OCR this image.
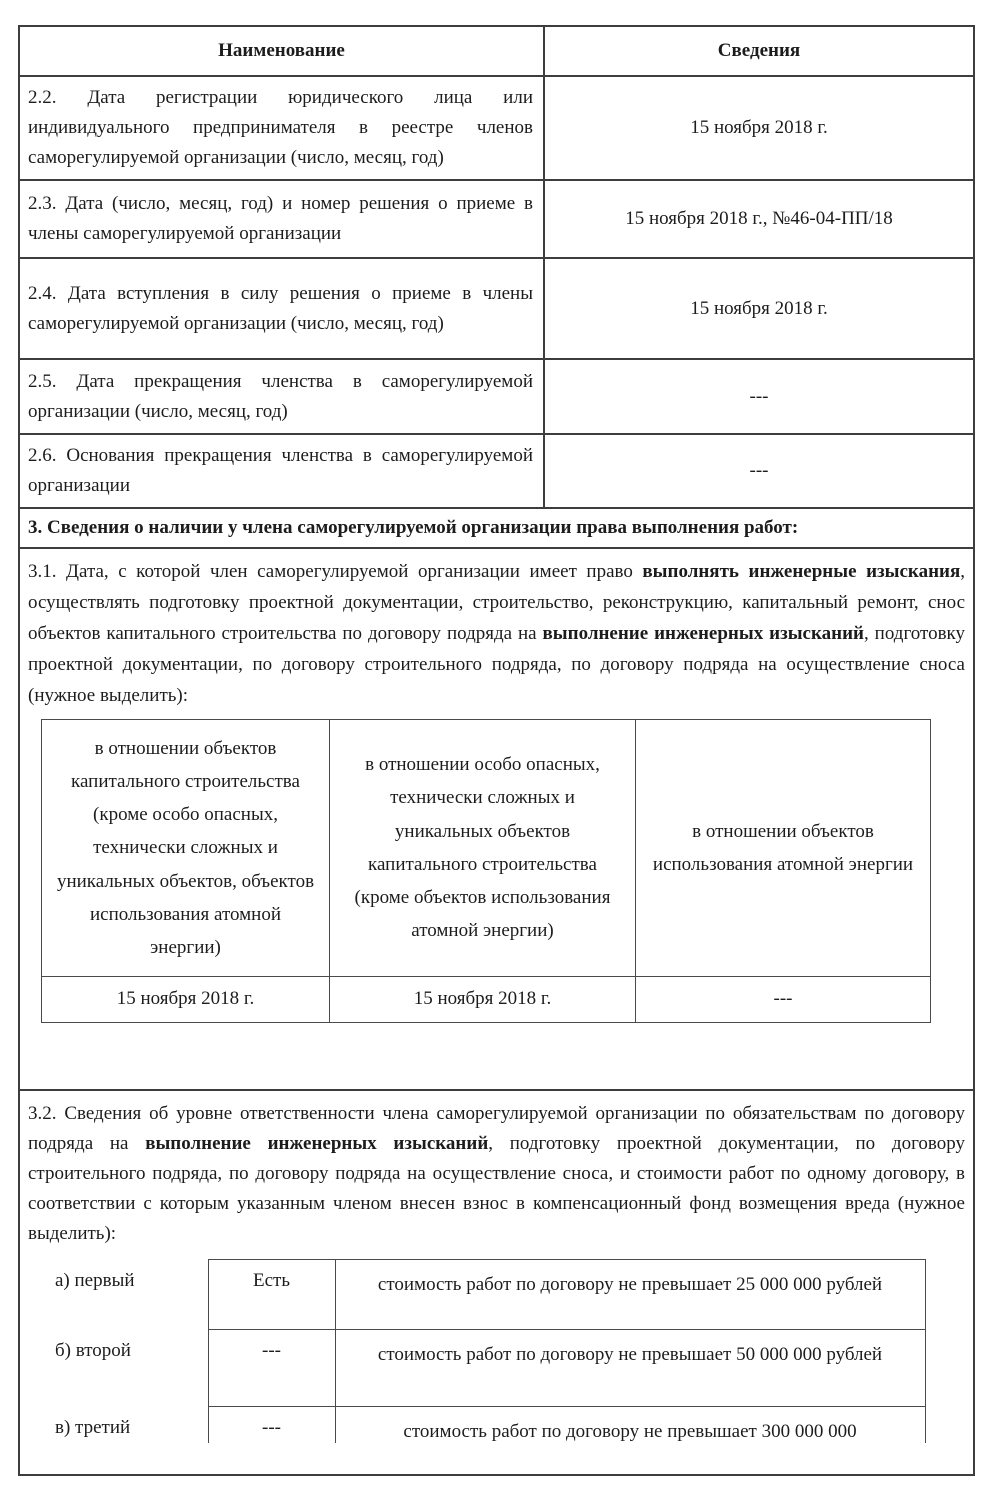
Наименование	Сведения
2.2. Дата регистрации юридического лица или индивидуального предпринимателя в реестре членов саморегулируемой организации (число, месяц, год)	15 ноября 2018 г.
2.3. Дата (число, месяц, год) и номер решения о приеме в члены саморегулируемой организации	15 ноября 2018 г., №46-04-ПП/18
2.4. Дата вступления в силу решения о приеме в члены саморегулируемой организации (число, месяц, год)	15 ноября 2018 г.
2.5. Дата прекращения членства в саморегулируемой организации (число, месяц, год)	---
2.6. Основания прекращения членства в саморегулируемой организации	---
3. Сведения о наличии у члена саморегулируемой организации права выполнения работ:

3.1. Дата, с которой член саморегулируемой организации имеет право выполнять инженерные изыскания, осуществлять подготовку проектной документации, строительство, реконструкцию, капитальный ремонт, снос объектов капитального строительства по договору подряда на выполнение инженерных изысканий, подготовку проектной документации, по договору строительного подряда, по договору подряда на осуществление сноса (нужное выделить):
в отношении объектов капитального строительства (кроме особо опасных, технически сложных и уникальных объектов, объектов использования атомной энергии)	в отношении особо опасных, технически сложных и уникальных объектов капитального строительства (кроме объектов использования атомной энергии)	в отношении объектов использования атомной энергии
15 ноября 2018 г.	15 ноября 2018 г.	---

3.2. Сведения об уровне ответственности члена саморегулируемой организации по обязательствам по договору подряда на выполнение инженерных изысканий, подготовку проектной документации, по договору строительного подряда, по договору подряда на осуществление сноса, и стоимости работ по одному договору, в соответствии с которым указанным членом внесен взнос в компенсационный фонд возмещения вреда (нужное выделить):
а) первый	Есть	стоимость работ по договору не превышает 25 000 000 рублей
б) второй	---	стоимость работ по договору не превышает 50 000 000 рублей
в) третий	---	стоимость работ по договору не превышает 300 000 000
